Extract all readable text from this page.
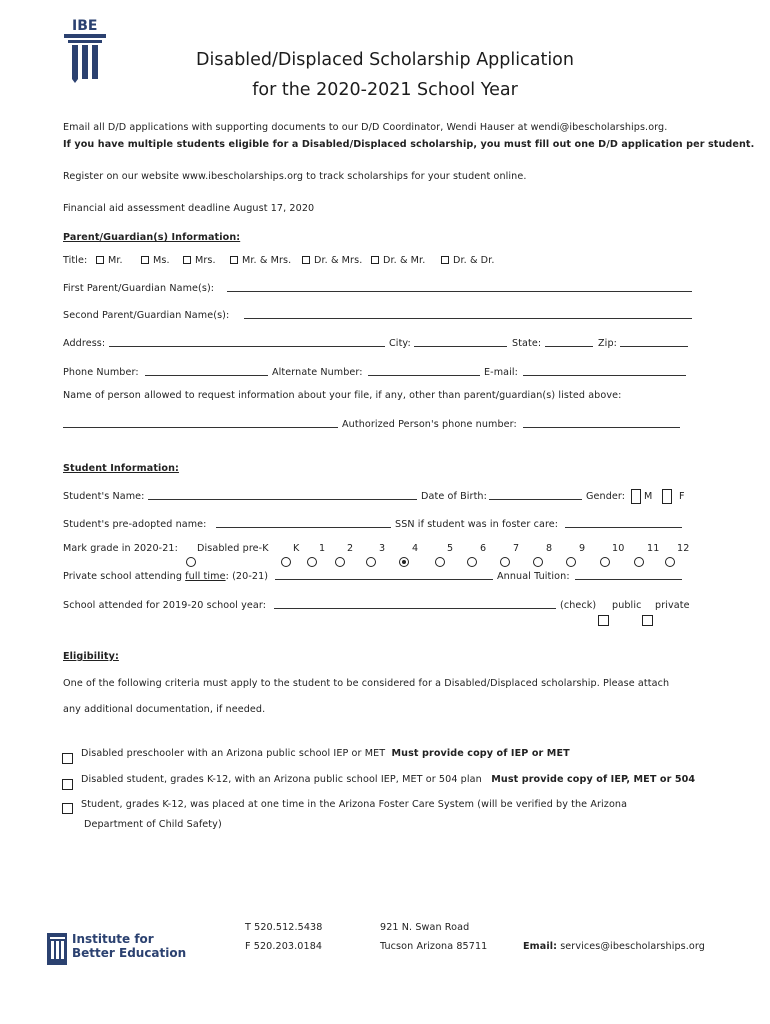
IBE
Disabled/Displaced Scholarship Application
for the 2020-2021 School Year
Email all D/D applications with supporting documents to our D/D Coordinator, Wendi Hauser at wendi@ibescholarships.org.
If you have multiple students eligible for a Disabled/Displaced scholarship, you must fill out one D/D application per student.
Register on our website www.ibescholarships.org to track scholarships for your student online.
Financial aid assessment deadline August 17, 2020
Parent/Guardian(s) Information:
Title:	Mr.	Ms.	Mrs.	Mr. & Mrs.	Dr. & Mrs.	Dr. & Mr.	Dr. & Dr.
First Parent/Guardian Name(s):
Second Parent/Guardian Name(s):
Address:	City:	State:	Zip:
Phone Number:	Alternate Number:	E-mail:
Name of person allowed to request information about your file, if any, other than parent/guardian(s) listed above:
Authorized Person's phone number:
Student Information:
Student's Name:	Date of Birth:	Gender: M	F
Student's pre-adopted name:	SSN if student was in foster care:
Mark grade in 2020-21: Disabled pre-K	K 1 2	3	4	5	6	7	8	9	10 11 12
Private school attending full time: (20-21)	Annual Tuition:
School attended for 2019-20 school year:	(check) public private
Eligibility:
One of the following criteria must apply to the student to be considered for a Disabled/Displaced scholarship. Please attach
any additional documentation, if needed.
Disabled preschooler with an Arizona public school IEP or MET Must provide copy of IEP or MET
Disabled student, grades K-12, with an Arizona public school IEP, MET or 504 plan Must provide copy of IEP, MET or 504
Student, grades K-12, was placed at one time in the Arizona Foster Care System (will be verified by the Arizona
Department of Child Safety)
Institute for
Better Education
T 520.512.5438
F 520.203.0184
921 N. Swan Road
Tucson Arizona 85711	Email: services@ibescholarships.org
